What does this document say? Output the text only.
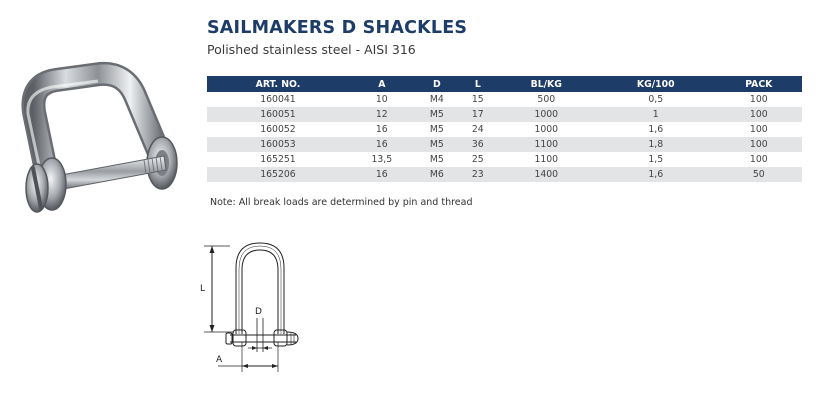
SAILMAKERS D SHACKLES
Polished stainless steel - AISI 316
ART. NO.	A	D	L	BL/KG	KG/100	PACK
160041	10	M4	15	500	0,5	100
160051	12	M5	17	1000	1	100
160052	16	M5	24	1000	1,6	100
160053	16	M5	36	1100	1,8	100
165251	13,5	M5	25	1100	1,5	100
165206	16	M6	23	1400	1,6	50
Note: All break loads are determined by pin and thread
L
D
A
